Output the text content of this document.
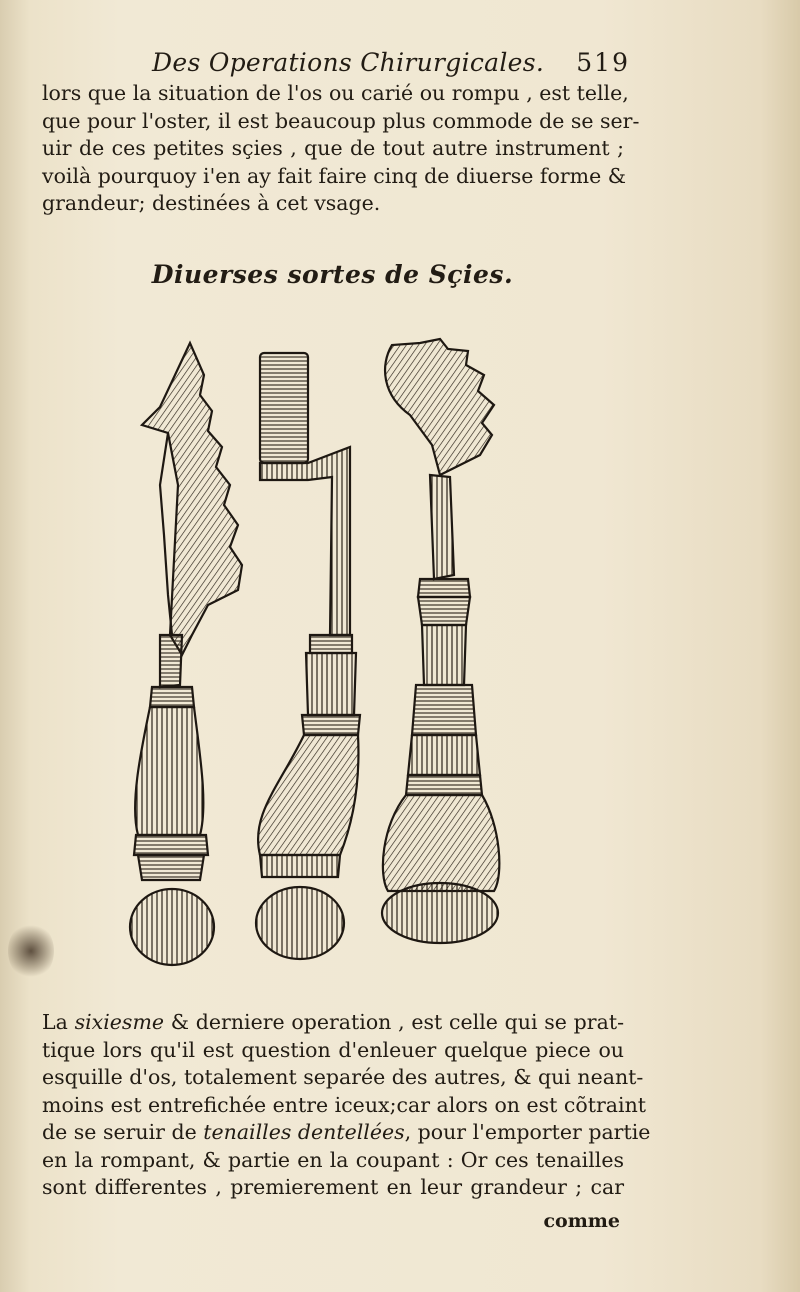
Des Operations Chirurgicales. 519
lors que la situation de l'os ou carié ou rompu , est telle,
que pour l'oster, il est beaucoup plus commode de se ser-
uir de ces petites sçies , que de tout autre instrument ;
voilà pourquoy i'en ay fait faire cinq de diuerse forme &
grandeur; destinées à cet vsage.
Diuerses sortes de Sçies.
La sixiesme & derniere operation , est celle qui se prat-
tique lors qu'il est question d'enleuer quelque piece ou
esquille d'os, totalement separée des autres, & qui neant-
moins est entrefichée entre iceux;car alors on est cõtraint
de se seruir de tenailles dentellées, pour l'emporter partie
en la rompant, & partie en la coupant : Or ces tenailles
sont differentes , premierement en leur grandeur ; car
comme
